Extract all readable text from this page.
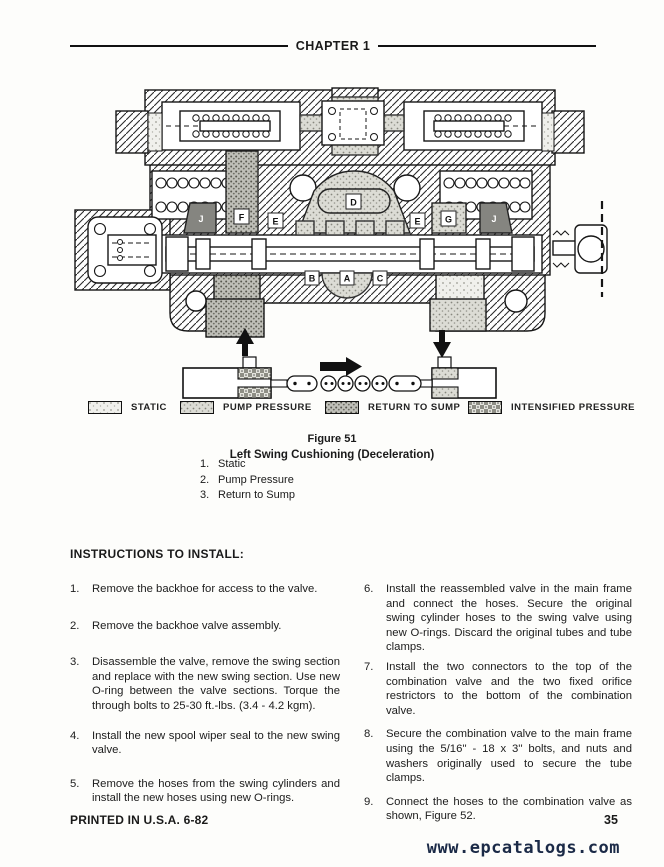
CHAPTER 1
J	F	E
D
E	G	J
B	A	C
STATIC	PUMP PRESSURE	RETURN TO SUMP	INTENSIFIED PRESSURE
Figure 51
Left Swing Cushioning (Deceleration)
1. Static
2. Pump Pressure
3. Return to Sump
INSTRUCTIONS TO INSTALL:
1.	Remove the backhoe for access to the valve.
2.	Remove the backhoe valve assembly.
3.	Disassemble the valve, remove the swing section and replace with the new swing section. Use new O-ring between the valve sections. Torque the through bolts to 25-30 ft.-lbs. (3.4 - 4.2 kgm).
4.	Install the new spool wiper seal to the new swing valve.
5.	Remove the hoses from the swing cylinders and install the new hoses using new O-rings.
6.	Install the reassembled valve in the main frame and connect the hoses. Secure the original swing cylinder hoses to the swing valve using new O-rings. Discard the original tubes and tube clamps.
7.	Install the two connectors to the top of the combination valve and the two fixed orifice restrictors to the bottom of the combination valve.
8.	Secure the combination valve to the main frame using the 5/16'' - 18 x 3'' bolts, and nuts and washers originally used to secure the tube clamps.
9.	Connect the hoses to the combination valve as shown, Figure 52.
PRINTED IN U.S.A. 6-82	35
www.epcatalogs.com
